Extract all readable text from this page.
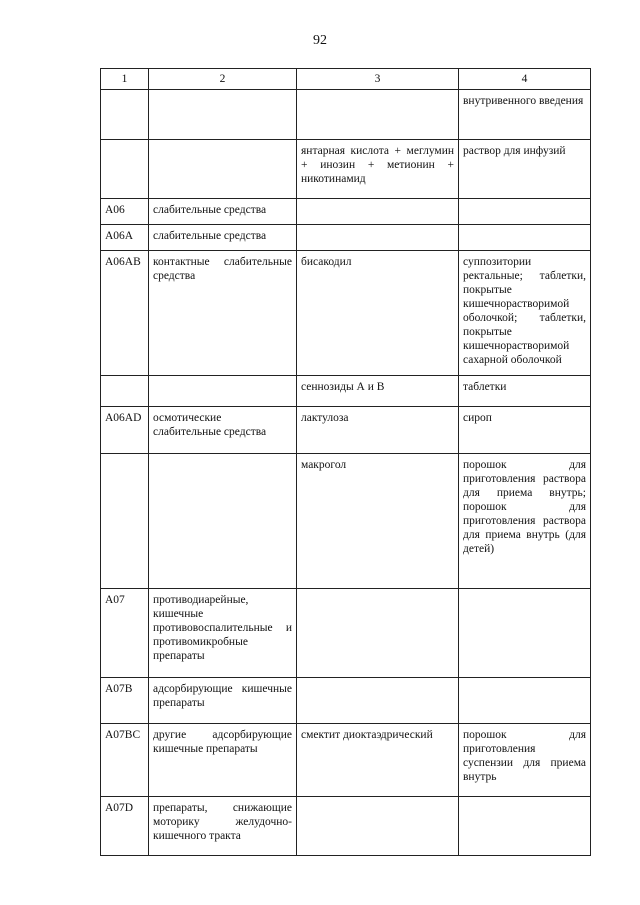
92
1	2	3	4
			внутривенного введения
		янтарная кислота + меглумин + инозин + метионин + никотинамид	раствор для инфузий
A06	слабительные средства		
A06A	слабительные средства		
A06AB	контактные слабительные средства	бисакодил	суппозитории ректальные; таблетки, покрытые кишечнорастворимой оболочкой; таблетки, покрытые кишечнорастворимой сахарной оболочкой
		сеннозиды А и В	таблетки
A06AD	осмотические слабительные средства	лактулоза	сироп
		макрогол	порошок для приготовления раствора для приема внутрь; порошок для приготовления раствора для приема внутрь (для детей)
A07	противодиарейные, кишечные противовоспалительные и противомикробные препараты		
A07B	адсорбирующие кишечные препараты		
A07BC	другие адсорбирующие кишечные препараты	смектит диоктаэдрический	порошок для приготовления суспензии для приема внутрь
A07D	препараты, снижающие моторику желудочно-кишечного тракта		
